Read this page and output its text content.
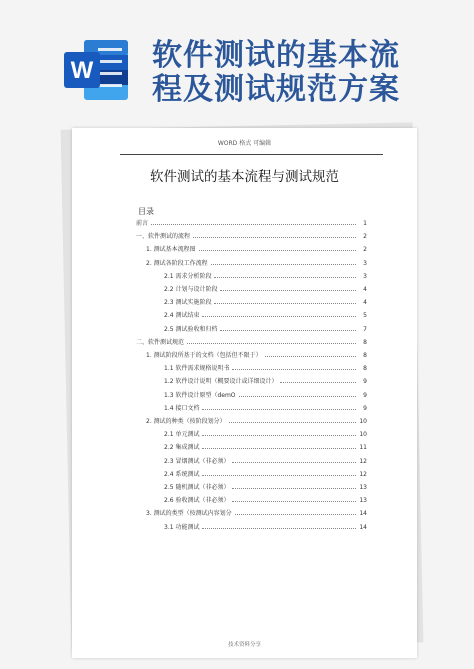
W 软件测试的基本流
程及测试规范方案
WORD 格式 可编辑
软件测试的基本流程与测试规范
目录
前言	1
一、软件测试的流程	2
1. 测试基本流程图	2
2. 测试各阶段工作流程	3
2.1 需求分析阶段	3
2.2 计划与设计阶段	4
2.3 测试实施阶段	4
2.4 测试结束	5
2.5 测试验收和归档	7
二、软件测试规范	8
1. 测试阶段所基于的文档（包括但不限于）	8
1.1 软件需求规格说明书	8
1.2 软件设计说明（概要设计或详细设计）	9
1.3 软件设计原型（demO	9
1.4 接口文档	9
2. 测试的种类（按阶段划分）	10
2.1 单元测试	10
2.2 集成测试	11
2.3 冒烟测试（非必须）	12
2.4 系统测试	12
2.5 随机测试（非必须）	13
2.6 验收测试（非必须）	13
3. 测试的类型（按测试内容划分	14
3.1 功能测试	14
技术资料分享
